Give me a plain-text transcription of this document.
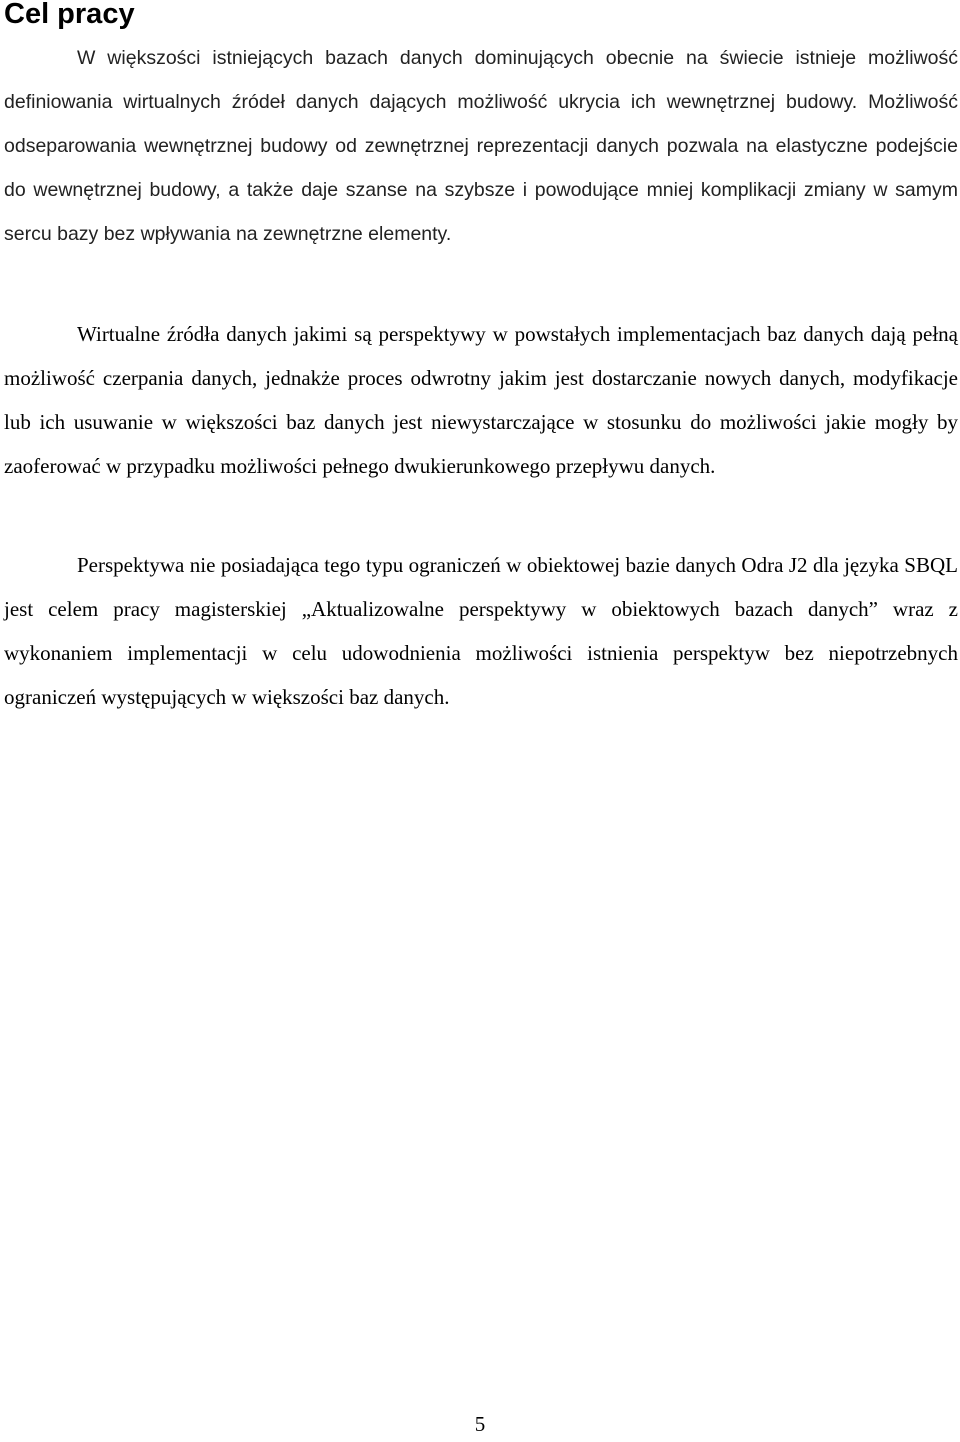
Cel pracy

W większości istniejących bazach danych dominujących obecnie na świecie istnieje możliwość definiowania wirtualnych źródeł danych dających możliwość ukrycia ich wewnętrznej budowy. Możliwość odseparowania wewnętrznej budowy od zewnętrznej reprezentacji danych pozwala na elastyczne podejście do wewnętrznej budowy, a także daje szanse na szybsze i powodujące mniej komplikacji zmiany w samym sercu bazy bez wpływania na zewnętrzne elementy.

Wirtualne źródła danych jakimi są perspektywy w powstałych implementacjach baz danych dają pełną możliwość czerpania danych, jednakże proces odwrotny jakim jest dostarczanie nowych danych, modyfikacje lub ich usuwanie w większości baz danych jest niewystarczające w stosunku do możliwości jakie mogły by zaoferować w przypadku możliwości pełnego dwukierunkowego przepływu danych.

Perspektywa nie posiadająca tego typu ograniczeń w obiektowej bazie danych Odra J2 dla języka SBQL jest celem pracy magisterskiej „Aktualizowalne perspektywy w obiektowych bazach danych” wraz z wykonaniem implementacji w celu udowodnienia możliwości istnienia perspektyw bez niepotrzebnych ograniczeń występujących w większości baz danych.

5
